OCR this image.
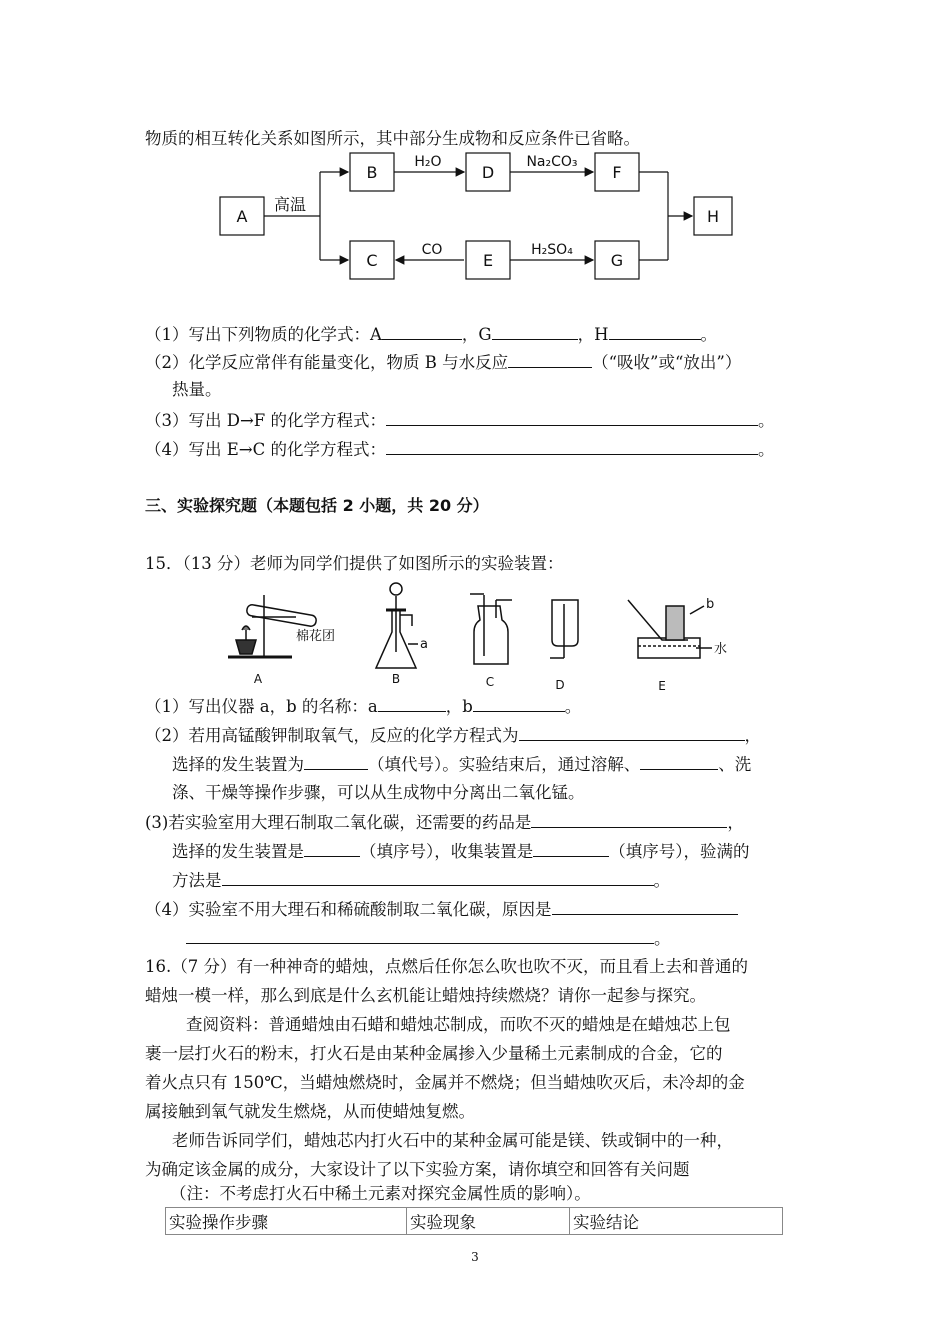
物质的相互转化关系如图所示，其中部分生成物和反应条件已省略。
A
B	D	F
C	E	G
H
高温
H₂O	Na₂CO₃
CO	H₂SO₄
（1）写出下列物质的化学式：A	，G	，H	。
（2）化学反应常伴有能量变化，物质 B 与水反应	（“吸收”或“放出”）
热量。
（3）写出 D→F 的化学方程式：	。
（4）写出 E→C 的化学方程式：	。
三、实验探究题（本题包括 2 小题，共 20 分）
15．（13 分）老师为同学们提供了如图所示的实验装置：
棉花团
a
b
水
A	B	C	D	E
（1）写出仪器 a，b 的名称：a	，b	。
（2）若用高锰酸钾制取氧气，反应的化学方程式为	，
选择的发生装置为	（填代号）。实验结束后，通过溶解、	、洗
涤、干燥等操作步骤，可以从生成物中分离出二氧化锰。
(3)若实验室用大理石制取二氧化碳，还需要的药品是	，
选择的发生装置是	（填序号），收集装置是	（填序号），验满的
方法是	。
（4）实验室不用大理石和稀硫酸制取二氧化碳，原因是
。
16.（7 分）有一种神奇的蜡烛，点燃后任你怎么吹也吹不灭，而且看上去和普通的
蜡烛一模一样，那么到底是什么玄机能让蜡烛持续燃烧？请你一起参与探究。
查阅资料：普通蜡烛由石蜡和蜡烛芯制成，而吹不灭的蜡烛是在蜡烛芯上包
裹一层打火石的粉末，打火石是由某种金属掺入少量稀土元素制成的合金，它的
着火点只有 150℃，当蜡烛燃烧时，金属并不燃烧；但当蜡烛吹灭后，未冷却的金
属接触到氧气就发生燃烧，从而使蜡烛复燃。
老师告诉同学们，蜡烛芯内打火石中的某种金属可能是镁、铁或铜中的一种，
为确定该金属的成分，大家设计了以下实验方案，请你填空和回答有关问题
（注：不考虑打火石中稀土元素对探究金属性质的影响）。
实验操作步骤	实验现象	实验结论
3
